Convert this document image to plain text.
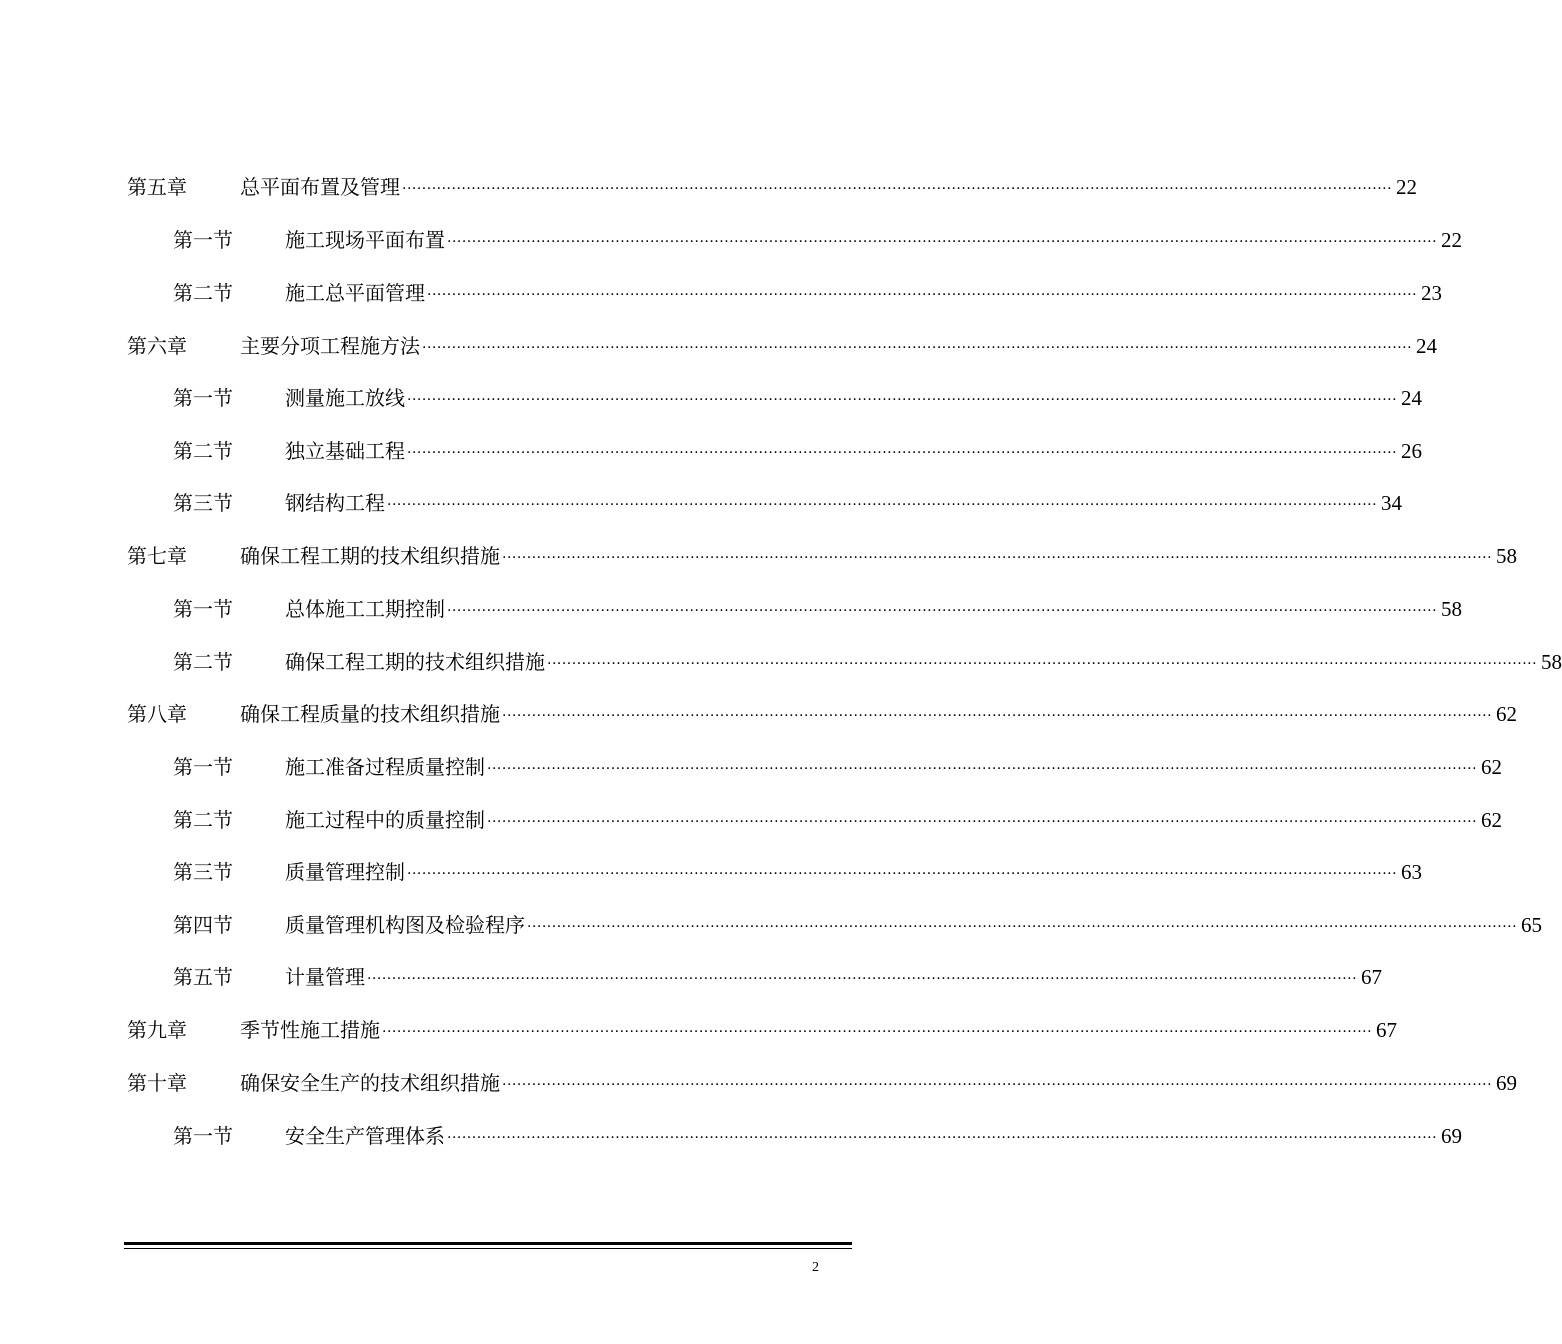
第五章	总平面布置及管理 ········································································································································································································ 22
第一节	施工现场平面布置 ········································································································································································································ 22
第二节	施工总平面管理 ········································································································································································································ 23
第六章	主要分项工程施方法 ········································································································································································································ 24
第一节	测量施工放线 ········································································································································································································ 24
第二节	独立基础工程 ········································································································································································································ 26
第三节	钢结构工程 ········································································································································································································ 34
第七章	确保工程工期的技术组织措施 ········································································································································································································ 58
第一节	总体施工工期控制 ········································································································································································································ 58
第二节	确保工程工期的技术组织措施 ········································································································································································································ 58
第八章	确保工程质量的技术组织措施 ········································································································································································································ 62
第一节	施工准备过程质量控制 ········································································································································································································ 62
第二节	施工过程中的质量控制 ········································································································································································································ 62
第三节	质量管理控制 ········································································································································································································ 63
第四节	质量管理机构图及检验程序 ········································································································································································································ 65
第五节	计量管理 ········································································································································································································ 67
第九章	季节性施工措施 ········································································································································································································ 67
第十章	确保安全生产的技术组织措施 ········································································································································································································ 69
第一节	安全生产管理体系 ········································································································································································································ 69
2
